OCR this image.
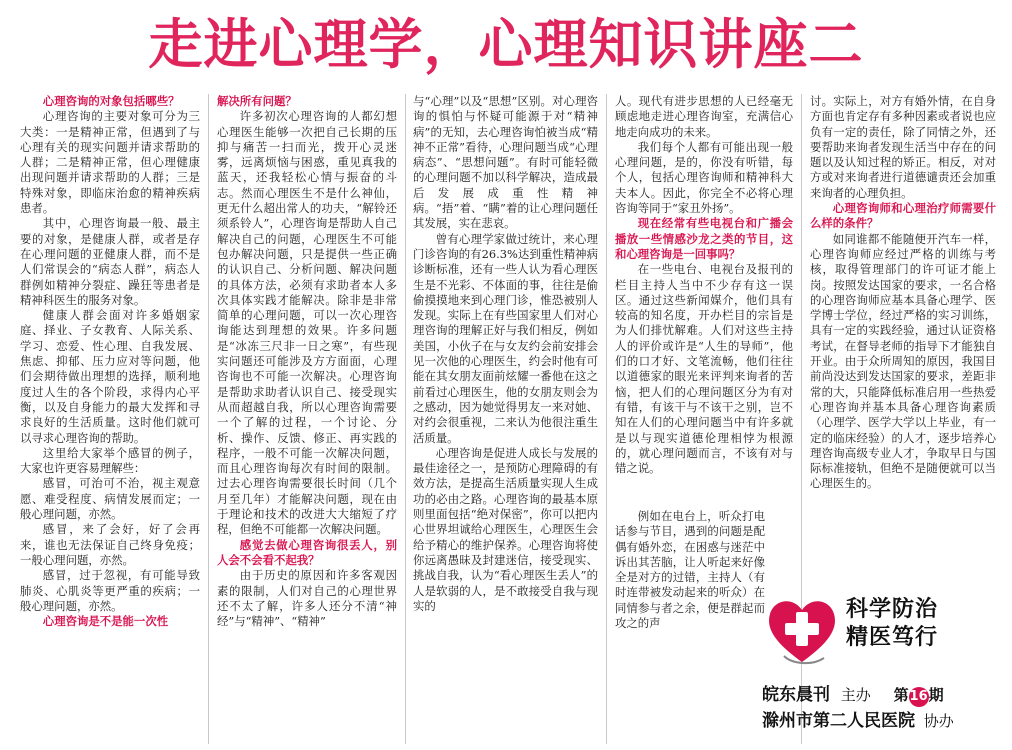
走进心理学，心理知识讲座二
心理咨询的对象包括哪些？

心理咨询的主要对象可分为三大类：一是精神正常，但遇到了与心理有关的现实问题并请求帮助的人群；二是精神正常，但心理健康出现问题并请求帮助的人群；三是特殊对象，即临床治愈的精神疾病患者。

其中，心理咨询最一般、最主要的对象，是健康人群，或者是存在心理问题的亚健康人群，而不是人们常误会的“病态人群”，病态人群例如精神分裂症、躁狂等患者是精神科医生的服务对象。

健康人群会面对许多婚姻家庭、择业、子女教育、人际关系、学习、恋爱、性心理、自我发展、焦虑、抑郁、压力应对等问题，他们会期待做出理想的选择，顺利地度过人生的各个阶段，求得内心平衡，以及自身能力的最大发挥和寻求良好的生活质量。这时他们就可以寻求心理咨询的帮助。

这里给大家举个感冒的例子，大家也许更容易理解些：

感冒，可治可不治，视主观意愿、难受程度、病情发展而定；一般心理问题，亦然。

感冒，来了会好，好了会再来，谁也无法保证自己终身免疫；一般心理问题，亦然。

感冒，过于忽视，有可能导致肺炎、心肌炎等更严重的疾病；一般心理问题，亦然。

心理咨询是不是能一次性
解决所有问题？

许多初次心理咨询的人都幻想心理医生能够一次把自己长期的压抑与痛苦一扫而光，拨开心灵迷雾，远离烦恼与困惑，重见真我的蓝天，还我轻松心情与振奋的斗志。然而心理医生不是什么神仙，更无什么超出常人的功夫，“解铃还须系铃人”，心理咨询是帮助人自己解决自己的问题，心理医生不可能包办解决问题，只是提供一些正确的认识自己、分析问题、解决问题的具体方法，必须有求助者本人多次具体实践才能解决。除非是非常简单的心理问题，可以一次心理咨询能达到理想的效果。许多问题是“冰冻三尺非一日之寒”，有些现实问题还可能涉及方方面面，心理咨询也不可能一次解决。心理咨询是帮助求助者认识自己、接受现实从而超越自我，所以心理咨询需要一个了解的过程，一个讨论、分析、操作、反馈、修正、再实践的程序，一般不可能一次解决问题，而且心理咨询每次有时间的限制。过去心理咨询需要很长时间（几个月至几年）才能解决问题，现在由于理论和技术的改进大大缩短了疗程，但绝不可能都一次解决问题。

感觉去做心理咨询很丢人，别人会不会看不起我？

由于历史的原因和许多客观因素的限制，人们对自己的心理世界还不太了解，许多人还分不清“神经”与“精神”、“精神”

与“心理”以及“思想”区别。对心理咨询的惧怕与怀疑可能源于对“精神病”的无知，去心理咨询怕被当成“精神不正常”看待，心理问题当成“心理病态”、“思想问题”。有时可能轻微的心理问题不加以科学解决，造成最后发展成重性精神病。“捂”着、“瞒”着的让心理问题任其发展，实在悲哀。

曾有心理学家做过统计，来心理门诊咨询的有26.3%达到重性精神病诊断标准，还有一些人认为看心理医生是不光彩、不体面的事，往往是偷偷摸摸地来到心理门诊，惟恐被别人发现。实际上在有些国家里人们对心理咨询的理解正好与我们相反，例如美国，小伙子在与女友约会前安排会见一次他的心理医生，约会时他有可能在其女朋友面前炫耀一番他在这之前看过心理医生，他的女朋友则会为之感动，因为她觉得男友一来对她、对约会很重视，二来认为他很注重生活质量。

心理咨询是促进人成长与发展的最佳途径之一，是预防心理障碍的有效方法，是提高生活质量实现人生成功的必由之路。心理咨询的最基本原则里面包括“绝对保密”，你可以把内心世界坦诚给心理医生，心理医生会给予精心的维护保养。心理咨询将使你远离愚昧及封建迷信，接受现实、挑战自我，认为“看心理医生丢人”的人是软弱的人，是不敢接受自我与现实的

人。现代有进步思想的人已经毫无顾虑地走进心理咨询室，充满信心地走向成功的未来。

我们每个人都有可能出现一般心理问题，是的，你没有听错，每个人，包括心理咨询师和精神科大夫本人。因此，你完全不必将心理咨询等同于“家丑外扬”。

现在经常有些电视台和广播会播放一些情感沙龙之类的节目，这和心理咨询是一回事吗？

在一些电台、电视台及报刊的栏目主持人当中不少存有这一误区。通过这些新闻媒介，他们具有较高的知名度，开办栏目的宗旨是为人们排忧解难。人们对这些主持人的评价或许是“人生的导师”，他们的口才好、文笔流畅，他们往往以道德家的眼光来评判来询者的苦恼，把人们的心理问题区分为有对有错，有该干与不该干之别，岂不知在人们的心理问题当中有许多就是以与现实道德伦理相悖为根源的，就心理问题而言，不该有对与错之说。

例如在电台上，听众打电话参与节目，遇到的问题是配偶有婚外恋，在困惑与迷茫中诉出其苦脑，让人听起来好像全是对方的过错，主持人（有时连带被发动起来的听众）在同情参与者之余，便是群起而攻之的声

讨。实际上，对方有婚外情，在自身方面也肯定存有多种因素或者说也应负有一定的责任，除了同情之外，还要帮助来询者发现生活当中存在的问题以及认知过程的矫正。相反，对对方或对来询者进行道德谴责还会加重来询者的心理负担。

心理咨询师和心理治疗师需要什么样的条件？

如同谁都不能随便开汽车一样，心理咨询师应经过严格的训练与考核，取得管理部门的许可证才能上岗。按照发达国家的要求，一名合格的心理咨询师应基本具备心理学、医学博士学位，经过严格的实习训练，具有一定的实践经验，通过认证资格考试，在督导老师的指导下才能独自开业。由于众所周知的原因，我国目前尚没达到发达国家的要求，差距非常的大，只能降低标准启用一些热爱心理咨询并基本具备心理咨询素质（心理学、医学大学以上毕业，有一定的临床经验）的人才，逐步培养心理咨询高级专业人才，争取早日与国际标准接轨，但绝不是随便就可以当心理医生的。

科学防治
精医笃行
皖东晨刊 主办 第16期
滁州市第二人民医院 协办
